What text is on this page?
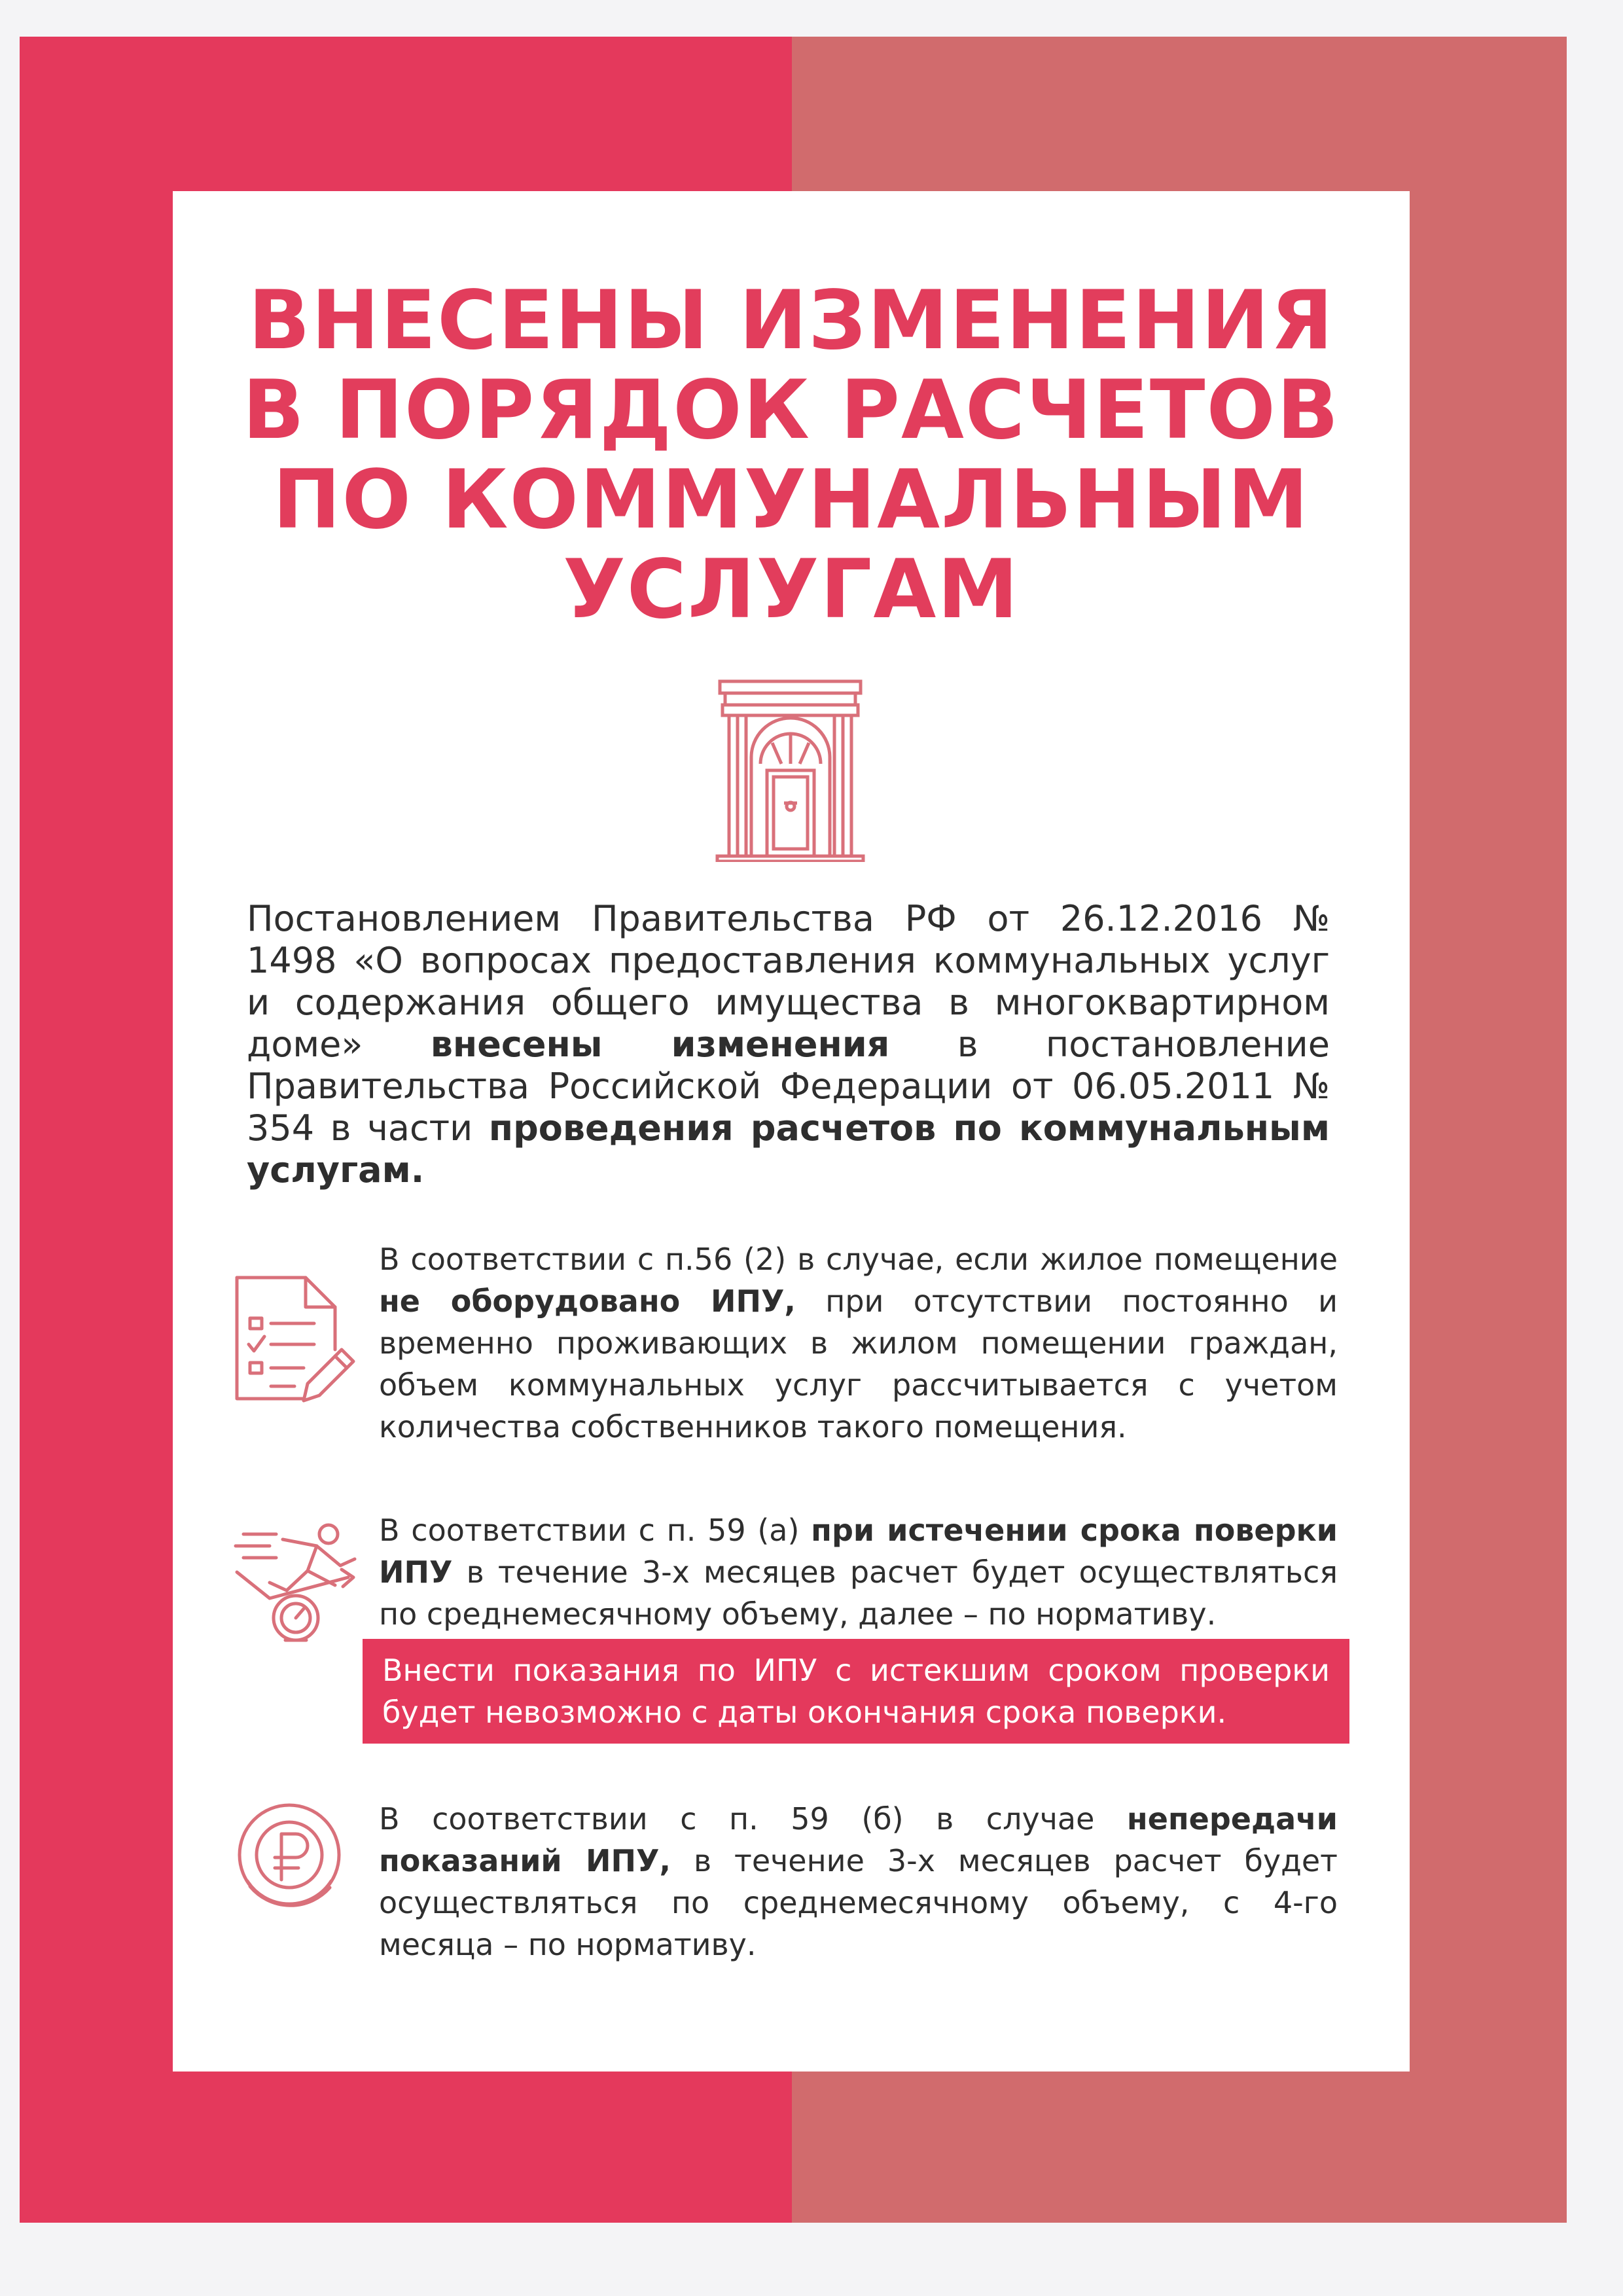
ВНЕСЕНЫ ИЗМЕНЕНИЯ
В ПОРЯДОК РАСЧЕТОВ
ПО КОММУНАЛЬНЫМ
УСЛУГАМ
Постановлением Правительства РФ от 26.12.2016 № 1498 «О вопросах предоставления коммунальных услуг и содержания общего имущества в многоквартирном доме» внесены изменения в постановление Правительства Российской Федерации от 06.05.2011 № 354 в части проведения расчетов по коммунальным услугам.
В соответствии с п.56 (2) в случае, если жилое помещение не оборудовано ИПУ, при отсутствии постоянно и временно проживающих в жилом помещении граждан, объем коммунальных услуг рассчитывается с учетом количества собственников такого помещения.
В соответствии с п. 59 (а) при истечении срока поверки ИПУ в течение 3-х месяцев расчет будет осуществляться по среднемесячному объему, далее – по нормативу.
Внести показания по ИПУ с истекшим сроком проверки будет невозможно с даты окончания срока поверки.
В соответствии с п. 59 (б) в случае непередачи показаний ИПУ, в течение 3-х месяцев расчет будет осуществляться по среднемесячному объему, с 4-го месяца – по нормативу.
